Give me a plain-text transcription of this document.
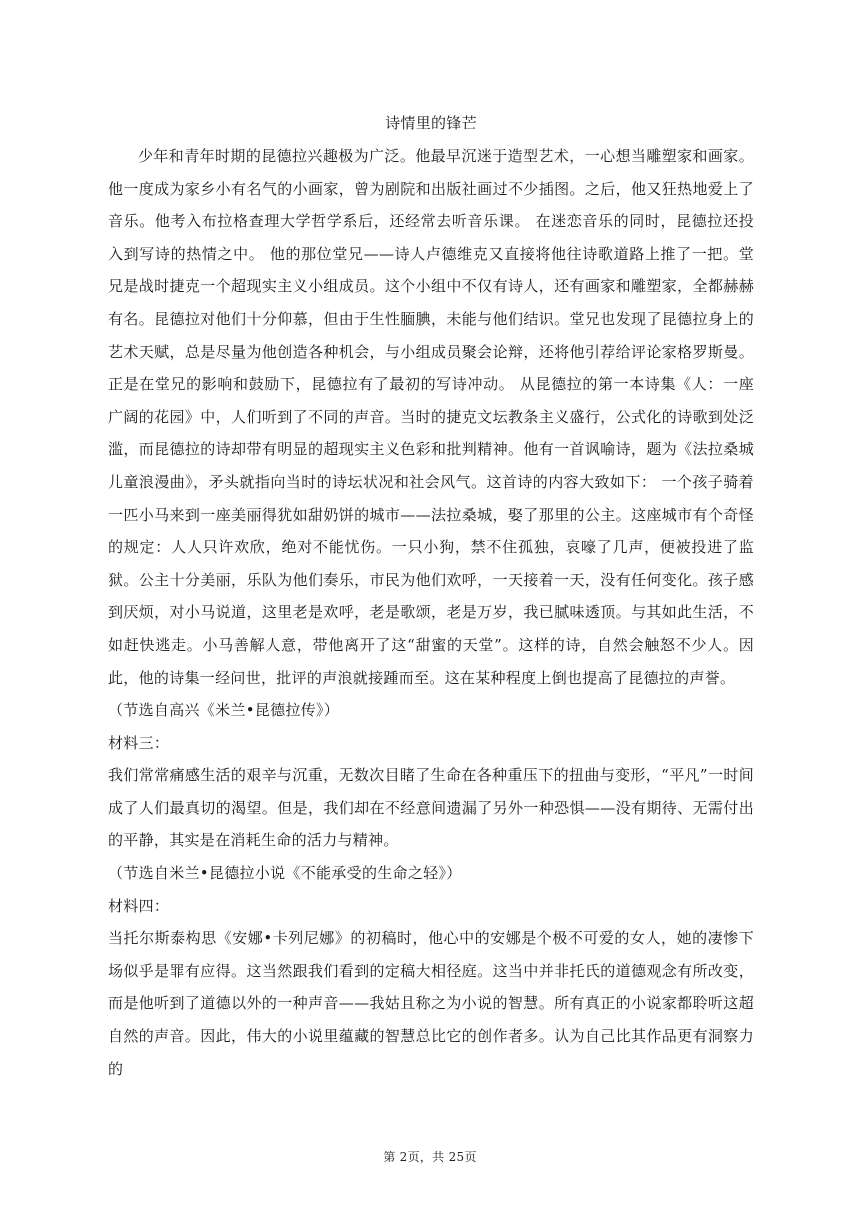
诗情里的锋芒

少年和青年时期的昆德拉兴趣极为广泛。他最早沉迷于造型艺术，一心想当雕塑家和画家。他一度成为家乡小有名气的小画家，曾为剧院和出版社画过不少插图。之后，他又狂热地爱上了音乐。他考入布拉格查理大学哲学系后，还经常去听音乐课。 在迷恋音乐的同时，昆德拉还投入到写诗的热情之中。 他的那位堂兄——诗人卢德维克又直接将他往诗歌道路上推了一把。堂兄是战时捷克一个超现实主义小组成员。这个小组中不仅有诗人，还有画家和雕塑家，全都赫赫有名。昆德拉对他们十分仰慕，但由于生性腼腆，未能与他们结识。堂兄也发现了昆德拉身上的艺术天赋，总是尽量为他创造各种机会，与小组成员聚会论辩，还将他引荐给评论家格罗斯曼。正是在堂兄的影响和鼓励下，昆德拉有了最初的写诗冲动。 从昆德拉的第一本诗集《人：一座广阔的花园》中，人们听到了不同的声音。当时的捷克文坛教条主义盛行，公式化的诗歌到处泛滥，而昆德拉的诗却带有明显的超现实主义色彩和批判精神。他有一首讽喻诗，题为《法拉桑城儿童浪漫曲》，矛头就指向当时的诗坛状况和社会风气。这首诗的内容大致如下： 一个孩子骑着一匹小马来到一座美丽得犹如甜奶饼的城市——法拉桑城，娶了那里的公主。这座城市有个奇怪的规定：人人只许欢欣，绝对不能忧伤。一只小狗，禁不住孤独，哀嚎了几声，便被投进了监狱。公主十分美丽，乐队为他们奏乐，市民为他们欢呼，一天接着一天，没有任何变化。孩子感到厌烦，对小马说道，这里老是欢呼，老是歌颂，老是万岁，我已腻味透顶。与其如此生活，不如赶快逃走。小马善解人意，带他离开了这“甜蜜的天堂”。这样的诗，自然会触怒不少人。因此，他的诗集一经问世，批评的声浪就接踵而至。这在某种程度上倒也提高了昆德拉的声誉。

（节选自高兴《米兰•昆德拉传》）

材料三：

我们常常痛感生活的艰辛与沉重，无数次目睹了生命在各种重压下的扭曲与变形，“平凡”一时间成了人们最真切的渴望。但是，我们却在不经意间遗漏了另外一种恐惧——没有期待、无需付出的平静，其实是在消耗生命的活力与精神。

（节选自米兰•昆德拉小说《不能承受的生命之轻》）

材料四：

当托尔斯泰构思《安娜•卡列尼娜》的初稿时，他心中的安娜是个极不可爱的女人，她的凄惨下场似乎是罪有应得。这当然跟我们看到的定稿大相径庭。这当中并非托氏的道德观念有所改变，而是他听到了道德以外的一种声音——我姑且称之为小说的智慧。所有真正的小说家都聆听这超自然的声音。因此，伟大的小说里蕴藏的智慧总比它的创作者多。认为自己比其作品更有洞察力的

第 2页，共 25页
